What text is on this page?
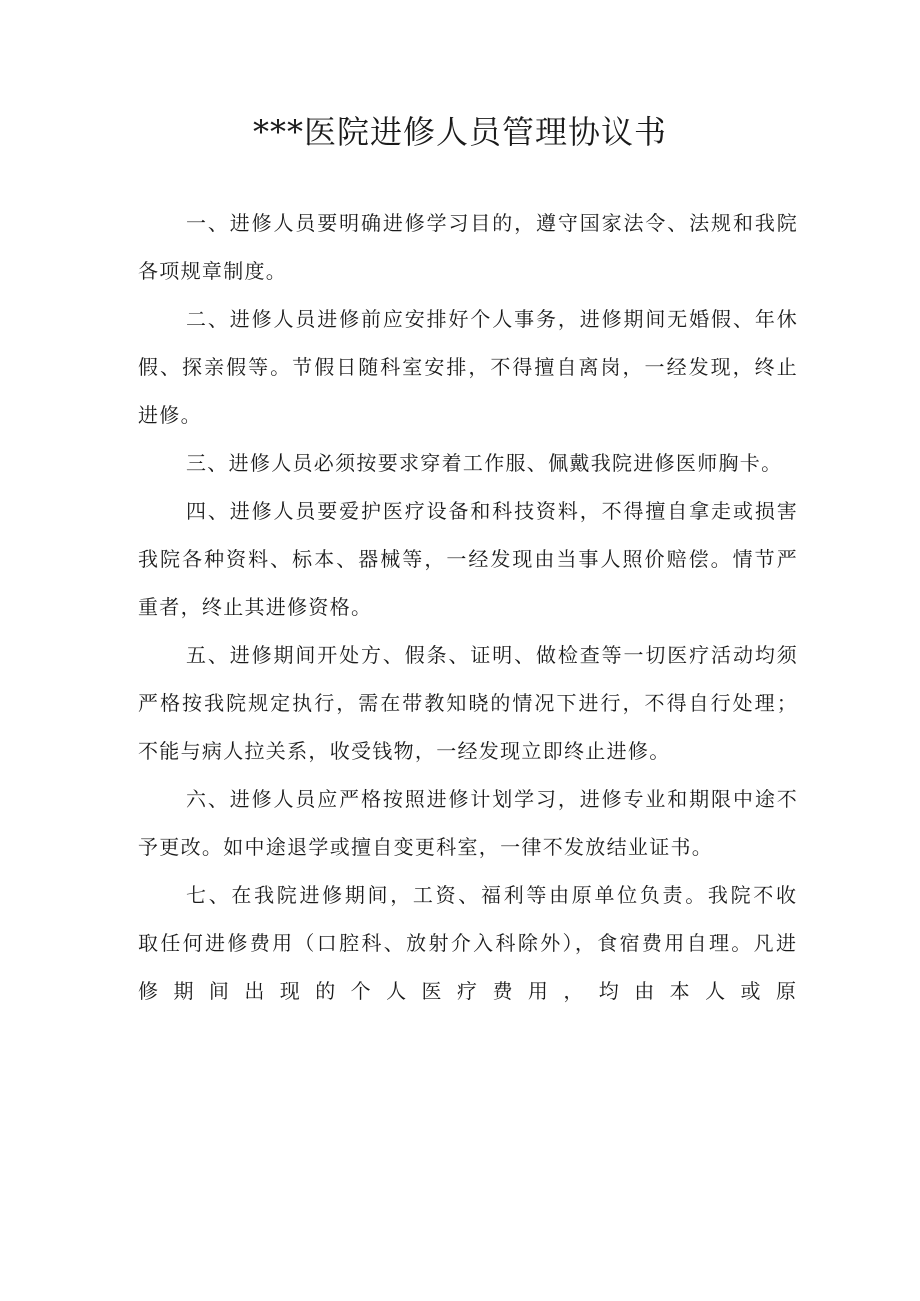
***医院进修人员管理协议书

一、进修人员要明确进修学习目的，遵守国家法令、法规和我院各项规章制度。

二、进修人员进修前应安排好个人事务，进修期间无婚假、年休假、探亲假等。节假日随科室安排，不得擅自离岗，一经发现，终止进修。

三、进修人员必须按要求穿着工作服、佩戴我院进修医师胸卡。

四、进修人员要爱护医疗设备和科技资料，不得擅自拿走或损害我院各种资料、标本、器械等，一经发现由当事人照价赔偿。情节严重者，终止其进修资格。

五、进修期间开处方、假条、证明、做检查等一切医疗活动均须严格按我院规定执行，需在带教知晓的情况下进行，不得自行处理；不能与病人拉关系，收受钱物，一经发现立即终止进修。

六、进修人员应严格按照进修计划学习，进修专业和期限中途不予更改。如中途退学或擅自变更科室，一律不发放结业证书。

七、在我院进修期间，工资、福利等由原单位负责。我院不收取任何进修费用（口腔科、放射介入科除外），食宿费用自理。凡进修期间出现的个人医疗费用，均由本人或原
